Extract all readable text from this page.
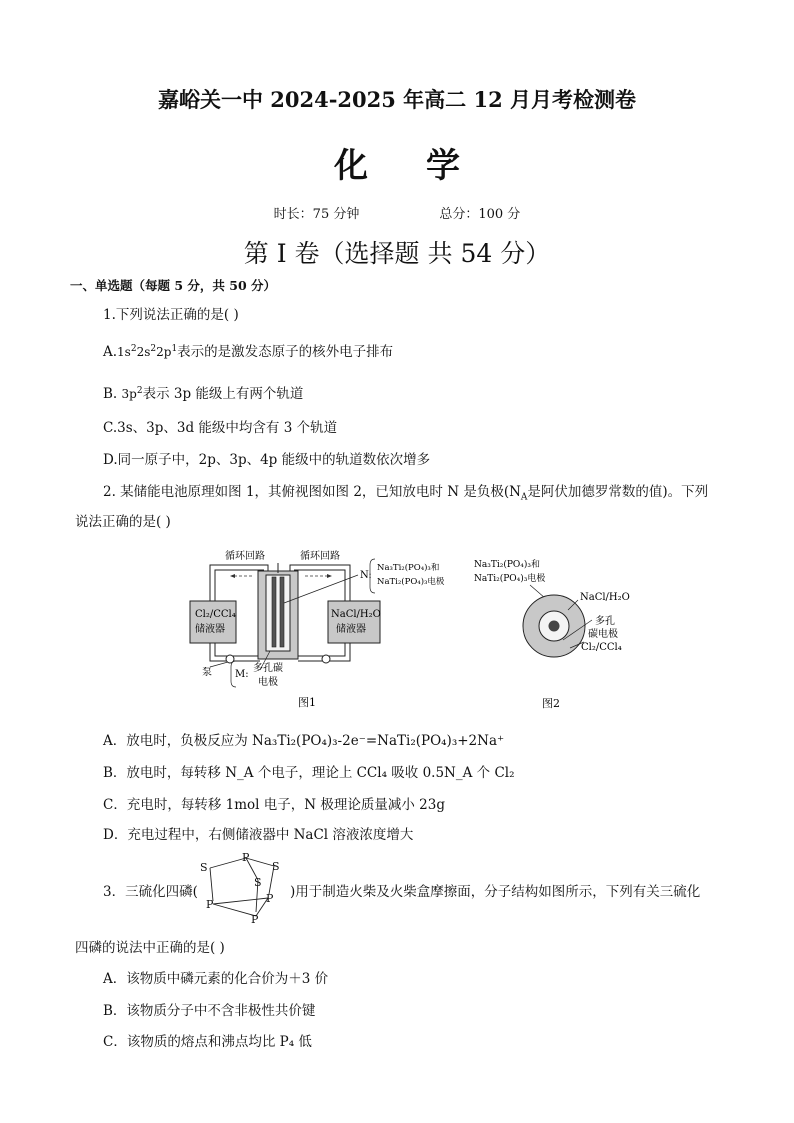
嘉峪关一中 2024-2025 年高二 12 月月考检测卷
化学
时长：75 分钟	总分：100 分
第 I 卷（选择题 共 54 分）
一、单选题（每题 5 分，共 50 分）
1.下列说法正确的是( )
$A.1s^22s^22p^1$表示的是激发态原子的核外电子排布
B. $3p^2$表示 3p 能级上有两个轨道
C.3s、3p、3d 能级中均含有 3 个轨道
D.同一原子中，2p、3p、4p 能级中的轨道数依次增多
2. 某储能电池原理如图 1，其俯视图如图 2，已知放电时 N 是负极($N_A$是阿伏加德罗常数的值)。下列
说法正确的是( )
循环回路	循环回路
Cl₂/CCl₄
储液器
NaCl/H₂O
储液器
泵
N:
Na₃Ti₂(PO₄)₃和
NaTi₂(PO₄)₃电极
M:
多孔碳
电极
图1
Na₃Ti₂(PO₄)₃和
NaTi₂(PO₄)₃电极
NaCl/H₂O
多孔
碳电极
Cl₂/CCl₄
图2
A．放电时，负极反应为 Na₃Ti₂(PO₄)₃-2e⁻=NaTi₂(PO₄)₃+2Na⁺
B．放电时，每转移 N_A 个电子，理论上 CCl₄ 吸收 0.5N_A 个 Cl₂
C．充电时，每转移 1mol 电子，N 极理论质量减小 23g
D．充电过程中，右侧储液器中 NaCl 溶液浓度增大
3．三硫化四磷(
P
S	S
S
P	P
P
)用于制造火柴及火柴盒摩擦面，分子结构如图所示，下列有关三硫化
四磷的说法中正确的是( )
A．该物质中磷元素的化合价为＋3 价
B．该物质分子中不含非极性共价键
C．该物质的熔点和沸点均比 P₄ 低
